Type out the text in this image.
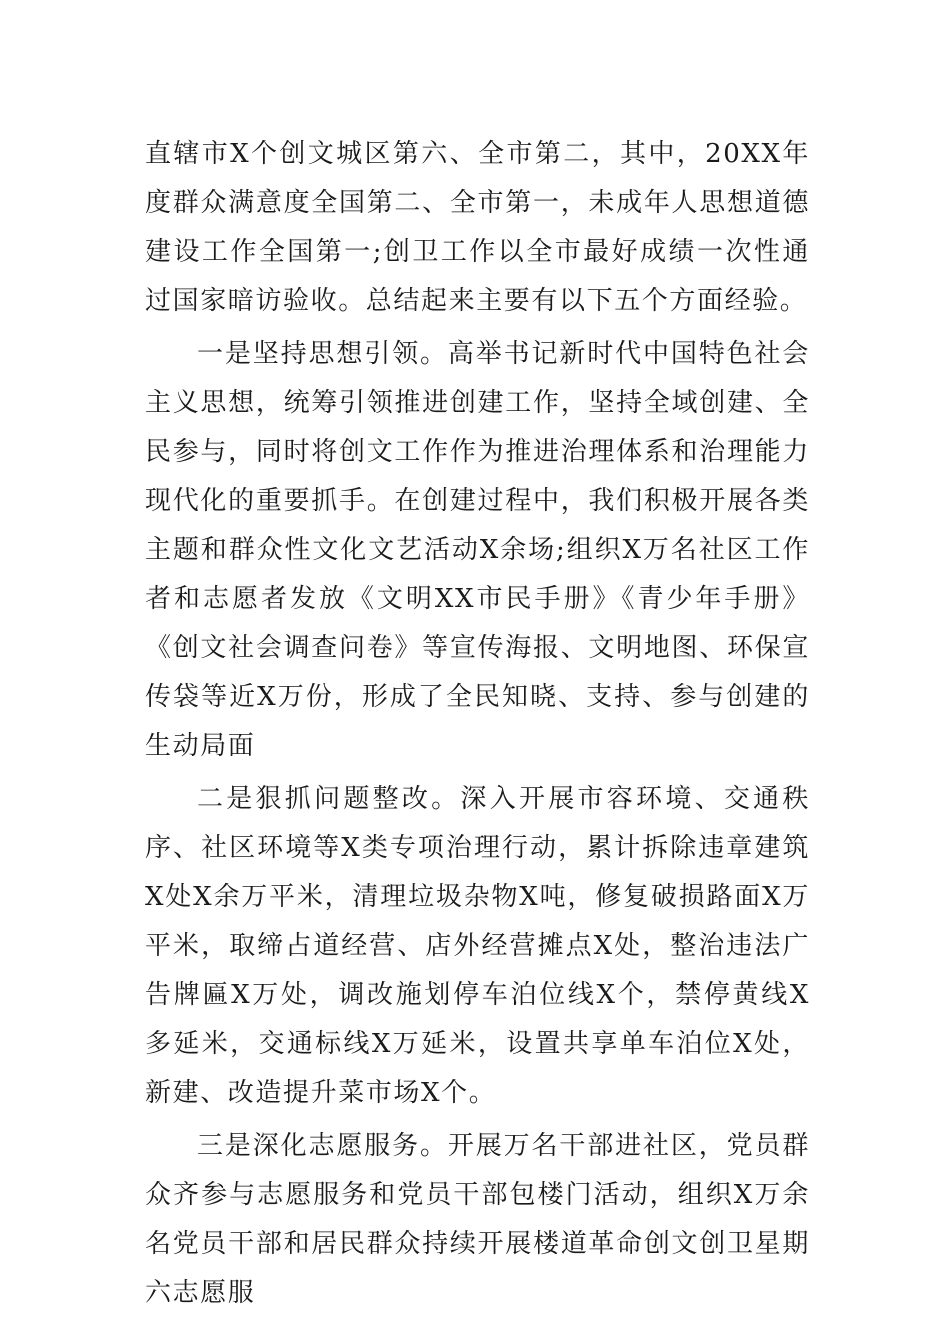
直辖市X个创文城区第六、全市第二，其中，20XX年度群众满意度全国第二、全市第一，未成年人思想道德建设工作全国第一;创卫工作以全市最好成绩一次性通过国家暗访验收。总结起来主要有以下五个方面经验。

一是坚持思想引领。高举书记新时代中国特色社会主义思想，统筹引领推进创建工作，坚持全域创建、全民参与，同时将创文工作作为推进治理体系和治理能力现代化的重要抓手。在创建过程中，我们积极开展各类主题和群众性文化文艺活动X余场;组织X万名社区工作者和志愿者发放《文明XX市民手册》《青少年手册》《创文社会调查问卷》等宣传海报、文明地图、环保宣传袋等近X万份，形成了全民知晓、支持、参与创建的生动局面

二是狠抓问题整改。深入开展市容环境、交通秩序、社区环境等X类专项治理行动，累计拆除违章建筑X处X余万平米，清理垃圾杂物X吨，修复破损路面X万平米，取缔占道经营、店外经营摊点X处，整治违法广告牌匾X万处，调改施划停车泊位线X个，禁停黄线X多延米，交通标线X万延米，设置共享单车泊位X处，新建、改造提升菜市场X个。

三是深化志愿服务。开展万名干部进社区，党员群众齐参与志愿服务和党员干部包楼门活动，组织X万余名党员干部和居民群众持续开展楼道革命创文创卫星期六志愿服
